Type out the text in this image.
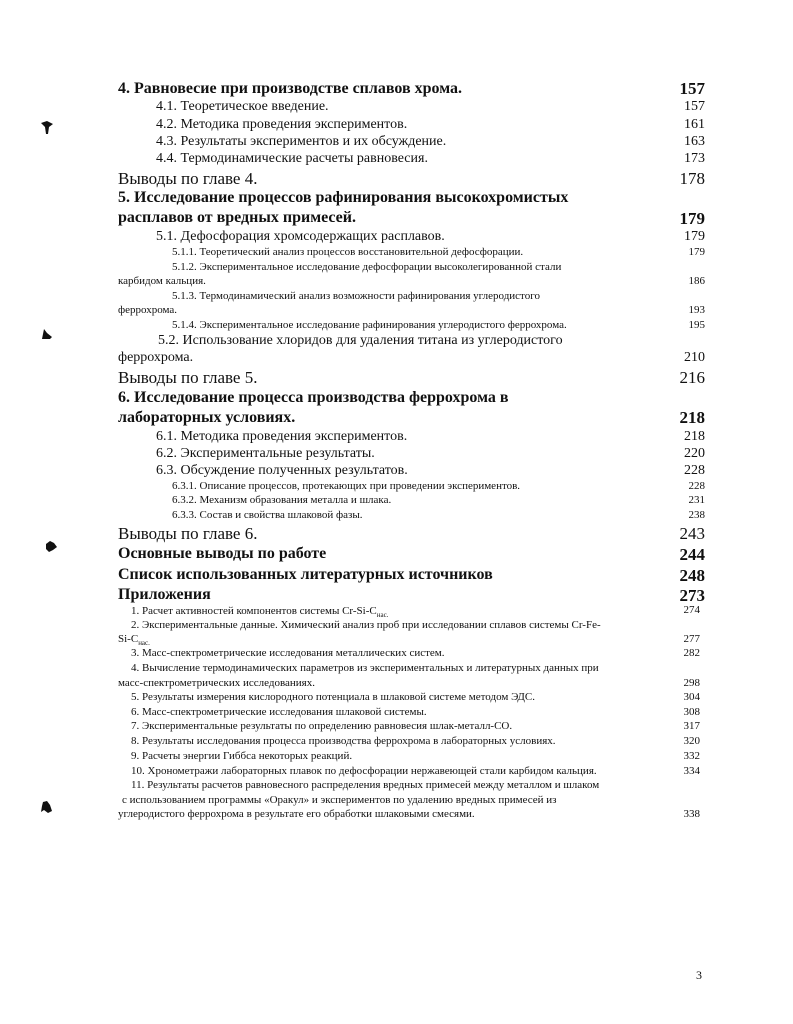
4. Равновесие при производстве сплавов хрома.	157
4.1. Теоретическое введение.	157
4.2. Методика проведения экспериментов.	161
4.3. Результаты экспериментов и их обсуждение.	163
4.4. Термодинамические расчеты равновесия.	173
Выводы по главе 4.	178
5. Исследование процессов рафинирования высокохромистых
расплавов от вредных примесей.	179
5.1. Дефосфорация хромсодержащих расплавов.	179
5.1.1. Теоретический анализ процессов восстановительной дефосфорации.	179
5.1.2. Экспериментальное исследование дефосфорации высоколегированной стали
карбидом кальция.	186
5.1.3. Термодинамический анализ возможности рафинирования углеродистого
феррохрома.	193
5.1.4. Экспериментальное исследование рафинирования углеродистого феррохрома.	195
5.2. Использование хлоридов для удаления титана из углеродистого
феррохрома.	210
Выводы по главе 5.	216
6. Исследование процесса производства феррохрома в
лабораторных условиях.	218
6.1. Методика проведения экспериментов.	218
6.2. Экспериментальные результаты.	220
6.3. Обсуждение полученных результатов.	228
6.3.1. Описание процессов, протекающих при проведении экспериментов.	228
6.3.2. Механизм образования металла и шлака.	231
6.3.3. Состав и свойства шлаковой фазы.	238
Выводы по главе 6.	243
Основные выводы по работе	244
Список использованных литературных источников	248
Приложения	273
1. Расчет активностей компонентов системы $Cr-Si-C_{нас.}$	274
2. Экспериментальные данные. Химический анализ проб при исследовании сплавов системы Cr-Fe-
$Si-C_{нас.}$	277
3. Масс-спектрометрические исследования металлических систем.	282
4. Вычисление термодинамических параметров из экспериментальных и литературных данных при
масс-спектрометрических исследованиях.	298
5. Результаты измерения кислородного потенциала в шлаковой системе методом ЭДС.	304
6. Масс-спектрометрические исследования шлаковой системы.	308
7. Экспериментальные результаты по определению равновесия шлак-металл-CO.	317
8. Результаты исследования процесса производства феррохрома в лабораторных условиях.	320
9. Расчеты энергии Гиббса некоторых реакций.	332
10. Хронометражи лабораторных плавок по дефосфорации нержавеющей стали карбидом кальция.	334
11. Результаты расчетов равновесного распределения вредных примесей между металлом и шлаком
с использованием программы «Оракул» и экспериментов по удалению вредных примесей из
углеродистого феррохрома в результате его обработки шлаковыми смесями.	338
3
